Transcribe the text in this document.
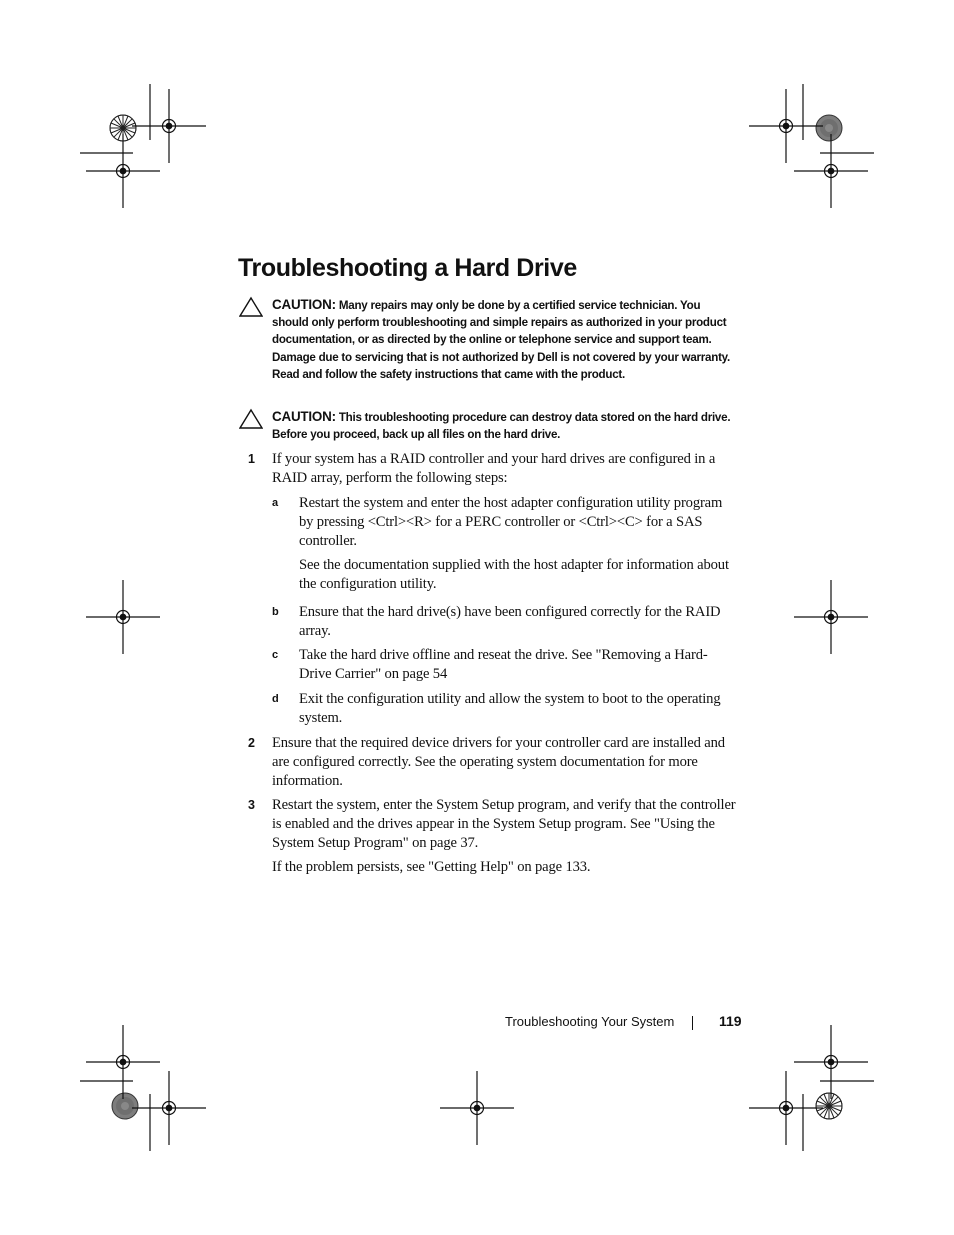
Troubleshooting a Hard Drive
CAUTION: Many repairs may only be done by a certified service technician. You should only perform troubleshooting and simple repairs as authorized in your product documentation, or as directed by the online or telephone service and support team. Damage due to servicing that is not authorized by Dell is not covered by your warranty. Read and follow the safety instructions that came with the product.
CAUTION: This troubleshooting procedure can destroy data stored on the hard drive. Before you proceed, back up all files on the hard drive.
1 If your system has a RAID controller and your hard drives are configured in a RAID array, perform the following steps:
a Restart the system and enter the host adapter configuration utility program by pressing <Ctrl><R> for a PERC controller or <Ctrl><C> for a SAS controller.
See the documentation supplied with the host adapter for information about the configuration utility.
b Ensure that the hard drive(s) have been configured correctly for the RAID array.
c Take the hard drive offline and reseat the drive. See "Removing a Hard-Drive Carrier" on page 54
d Exit the configuration utility and allow the system to boot to the operating system.
2 Ensure that the required device drivers for your controller card are installed and are configured correctly. See the operating system documentation for more information.
3 Restart the system, enter the System Setup program, and verify that the controller is enabled and the drives appear in the System Setup program. See "Using the System Setup Program" on page 37.
If the problem persists, see "Getting Help" on page 133.
Troubleshooting Your System	119
